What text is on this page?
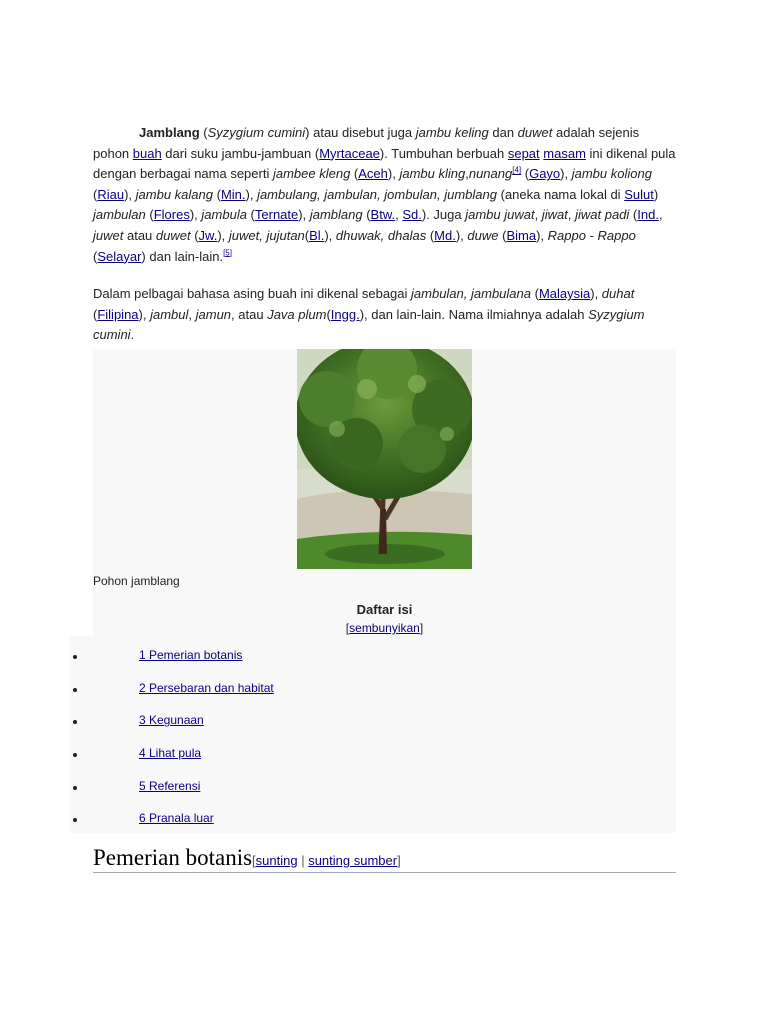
Jamblang (Syzygium cumini) atau disebut juga jambu keling dan duwet adalah sejenis pohon buah dari suku jambu-jambuan (Myrtaceae). Tumbuhan berbuah sepat masam ini dikenal pula dengan berbagai nama seperti jambee kleng (Aceh), jambu kling,nunang[4] (Gayo), jambu koliong (Riau), jambu kalang (Min.), jambulang, jambulan, jombulan, jumblang (aneka nama lokal di Sulut) jambulan (Flores), jambula (Ternate), jamblang (Btw., Sd.). Juga jambu juwat, jiwat, jiwat padi (Ind., juwet atau duwet (Jw.), juwet, jujutan(Bl.), dhuwak, dhalas (Md.), duwe (Bima), Rappo - Rappo (Selayar) dan lain-lain.[5]

Dalam pelbagai bahasa asing buah ini dikenal sebagai jambulan, jambulana (Malaysia), duhat (Filipina), jambul, jamun, atau Java plum(Ingg.), dan lain-lain. Nama ilmiahnya adalah Syzygium cumini.

Pohon jamblang
Daftar isi
[sembunyikan]
1 Pemerian botanis
2 Persebaran dan habitat
3 Kegunaan
4 Lihat pula
5 Referensi
6 Pranala luar
Pemerian botanis[sunting | sunting sumber]
